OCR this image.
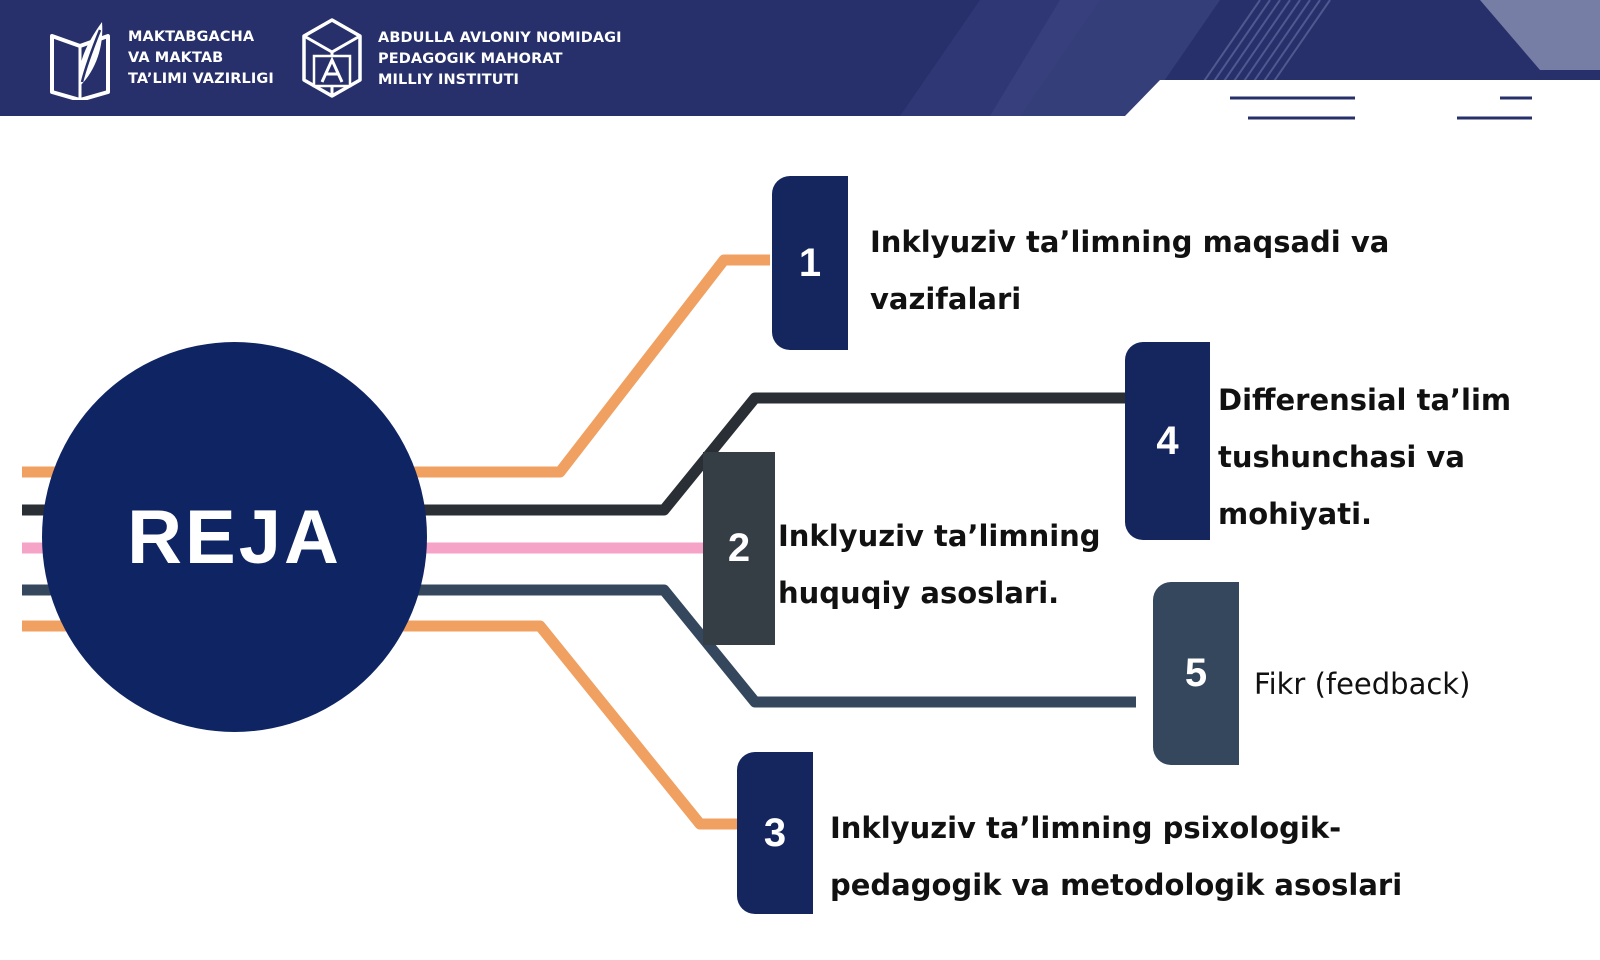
MAKTABGACHA
VA MAKTAB
TA’LIMI VAZIRLIGI
ABDULLA AVLONIY NOMIDAGI
PEDAGOGIK MAHORAT
MILLIY INSTITUTI
REJA
1 Inklyuziv ta’limning maqsadi va
vazifalari
2 Inklyuziv ta’limning
huquqiy asoslari.
3 Inklyuziv ta’limning psixologik-
pedagogik va metodologik asoslari
4
Differensial ta’lim
tushunchasi va
mohiyati.
5 Fikr (feedback)
